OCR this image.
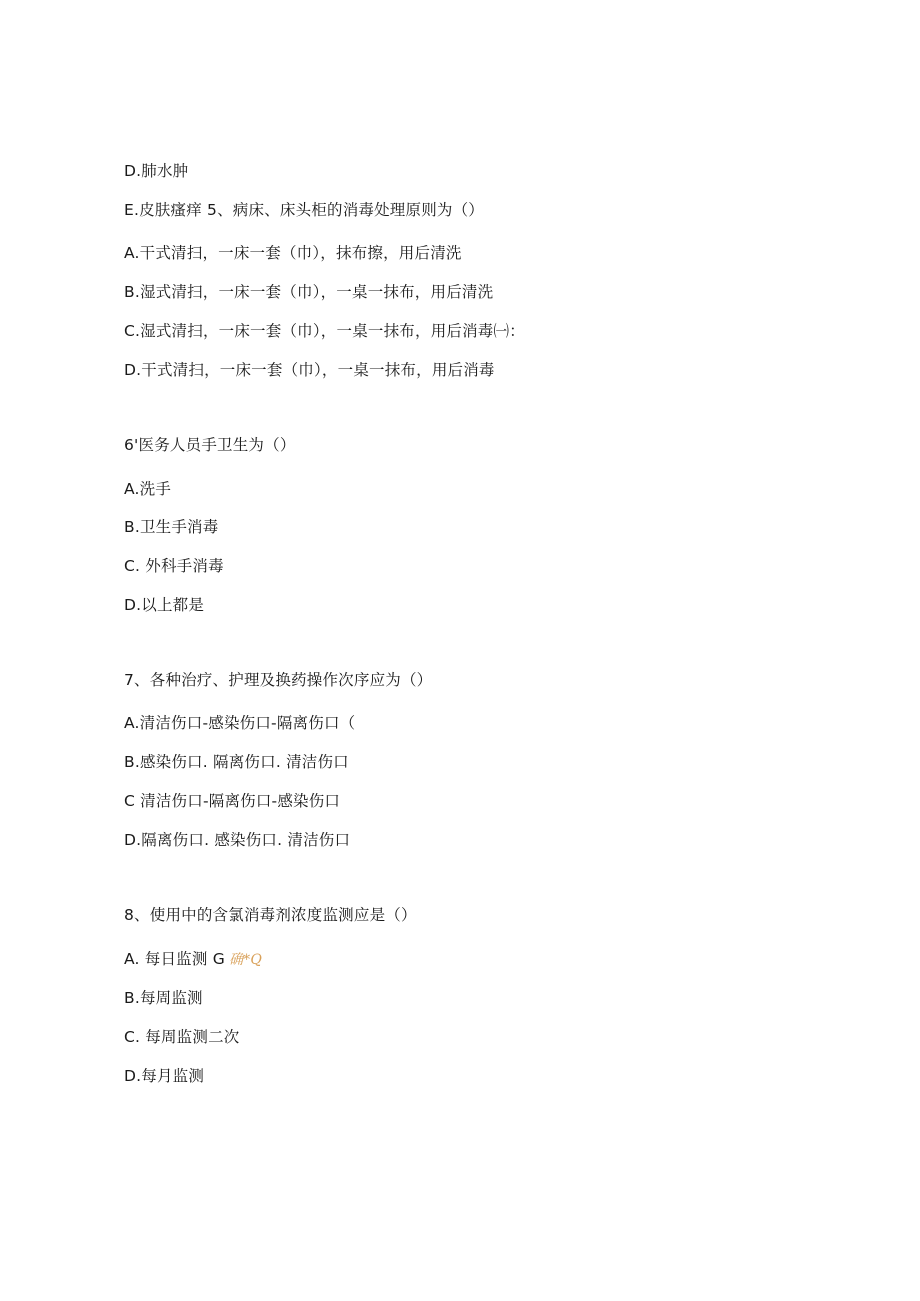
D.肺水肿
E.皮肤瘙痒 5、病床、床头柜的消毒处理原则为（）
A.干式清扫，一床一套（巾），抹布擦，用后清洗
B.湿式清扫，一床一套（巾），一桌一抹布，用后清洗
C.湿式清扫，一床一套（巾），一桌一抹布，用后消毒㈠：
D.干式清扫，一床一套（巾），一桌一抹布，用后消毒
6'医务人员手卫生为（）
A.洗手
B.卫生手消毒
C. 外科手消毒
D.以上都是
7、各种治疗、护理及换药操作次序应为（）
A.清洁伤口-感染伤口-隔离伤口（
B.感染伤口. 隔离伤口. 清洁伤口
C 清洁伤口-隔离伤口-感染伤口
D.隔离伤口. 感染伤口. 清洁伤口
8、使用中的含氯消毒剂浓度监测应是（）
A. 每日监测 G 确*Q
B.每周监测
C. 每周监测二次
D.每月监测
